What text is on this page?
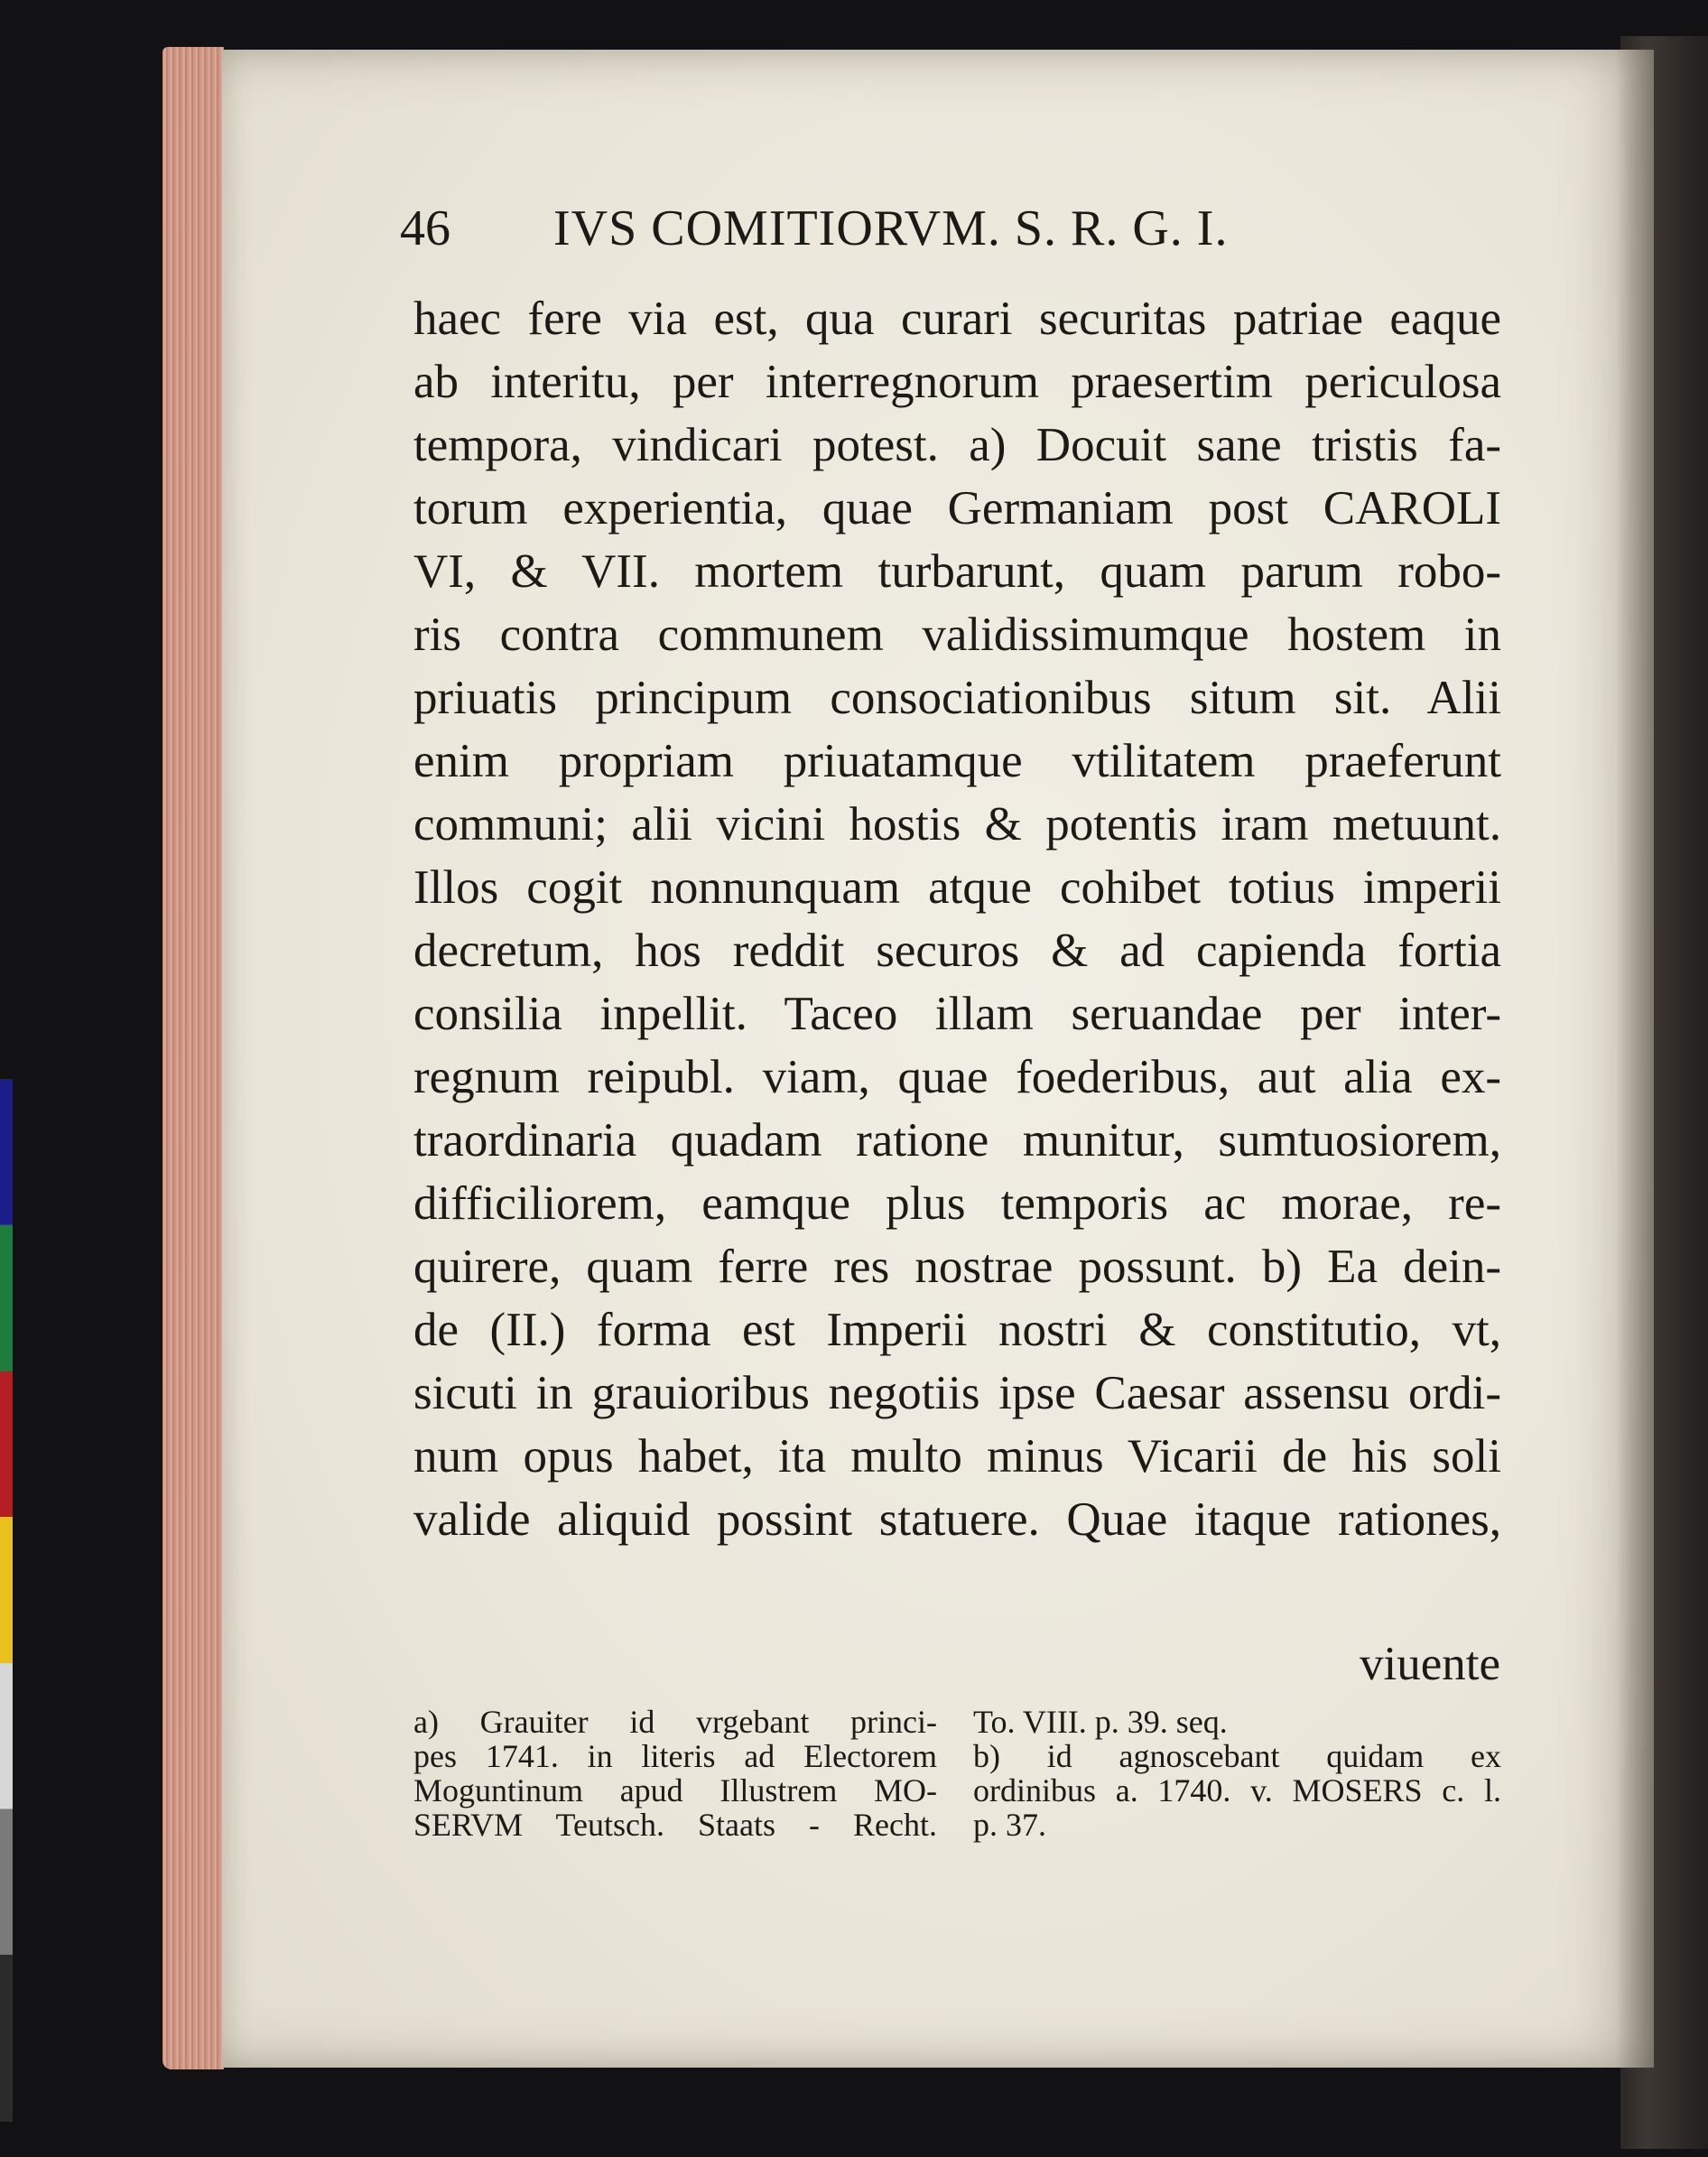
46 IVS COMITIORVM. S. R. G. I.
haec fere via est, qua curari securitas patriae eaque
ab interitu, per interregnorum praesertim periculosa
tempora, vindicari potest. a) Docuit sane tristis fa-
torum experientia, quae Germaniam post CAROLI
VI, & VII. mortem turbarunt, quam parum robo-
ris contra communem validissimumque hostem in
priuatis principum consociationibus situm sit. Alii
enim propriam priuatamque vtilitatem praeferunt
communi; alii vicini hostis & potentis iram metuunt.
Illos cogit nonnunquam atque cohibet totius imperii
decretum, hos reddit securos & ad capienda fortia
consilia inpellit. Taceo illam seruandae per inter-
regnum reipubl. viam, quae foederibus, aut alia ex-
traordinaria quadam ratione munitur, sumtuosiorem,
difficiliorem, eamque plus temporis ac morae, re-
quirere, quam ferre res nostrae possunt. b) Ea dein-
de (II.) forma est Imperii nostri & constitutio, vt,
sicuti in grauioribus negotiis ipse Caesar assensu ordi-
num opus habet, ita multo minus Vicarii de his soli
valide aliquid possint statuere. Quae itaque rationes,
viuente
a) Grauiter id vrgebant princi-
pes 1741. in literis ad Electorem
Moguntinum apud Illustrem MO-
SERVM Teutsch. Staats - Recht.
To. VIII. p. 39. seq.
b) id agnoscebant quidam ex
ordinibus a. 1740. v. MOSERS c. l.
p. 37.
